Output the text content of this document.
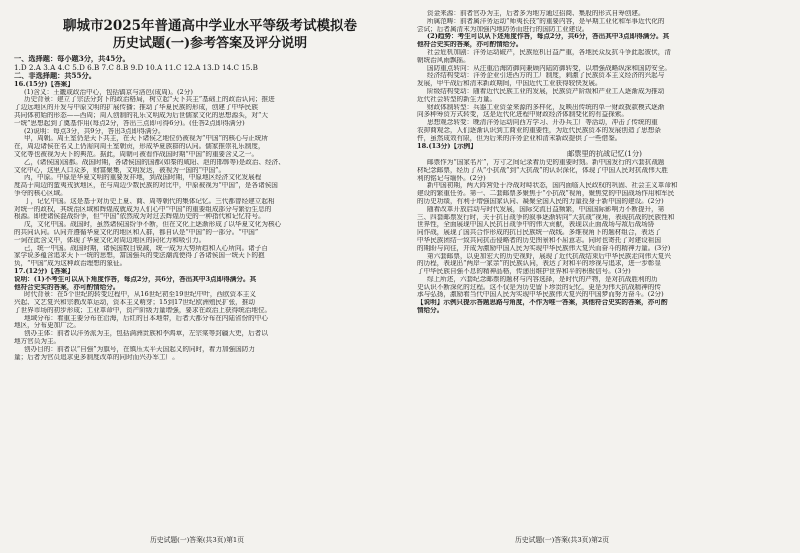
聊城市2025年普通高中学业水平等级考试模拟卷
历史试题(一)参考答案及评分说明

一、选择题：每小题3分，共45分。

1.D 2.A 3.A 4.C 5.D 6.B 7.C 8.B 9.D 10.A 11.C 12.A 13.D 14.C 15.B

二、非选择题：共55分。

16.(15分)【答案】

(1)含义：王畿或政治中心，包括镐京与洛邑(成周)。(2分)

历史背景：建立了宗法分封下的政治格局，树立起“天下共主”基础上的政治认同；推进

了边远地区的开发与中原文明的扩展传播；推动了华夏民族的形成，创建了中华民族

共同体初始的形态——西周；周人创制的礼乐文明成为后世儒家文化的思想源头，对“大

一统”思想起到了奠基作用(每点2分，答出三点即可得6分)。(任答2点即得满分)

(2)说明：每点3分，共9分，答出3点即得满分。

甲，周朝。周王室仍是天下共主，在天下诸侯之地位仍被视为“中国”的核心与正统所

在，周边诸侯在名义上仍需向周王室朝贡，形成华夏族群的认同。儒家推崇礼乐制度，

文化等也被视为天下的典范。据此，周朝可被看作战国时期“中国”的重要含义之一。

乙，(诸侯国)国都。战国时期，各诸侯国的国都(如秦的咸阳、赵的邯郸等)是政治、经济、

文化中心，这里人口众多，财富聚集，文明发达，被视为一国的“中国”。

丙，中原。中原是华夏文明的重要发祥地，到战国时期，中原地区经济文化发展程

度高于周边的蛮夷戎狄地区，在与周边少数民族的对比中，中原被视为“中国”，是各诸侯国

争夺的核心区域。

丁，记忆中国。这是基于对历史上夏、商、周等朝代的集体记忆。三代都曾经建立起相

对统一的政权，其统治区域和辉煌成就成为人们心中“中国”的重要组成部分与繁衍生息的

根源。即使诸侯混战纷争，但“中国”依然成为对过去辉煌历史的一种指代和记忆符号。

戊，文化中国。战国时，虽然诸侯国纷争不断，但在文化上逐渐形成了以华夏文化为核心

的共同认同。认同并遵循华夏文化的地区和人群，都自认是“中国”的一部分。“中国”

一词在此含义中，体现了华夏文化对周边地区的同化力和吸引力。

己，统一中国。战国时期，诸侯国数目锐减，统一成为大势所趋和人心所向。诸子百

家学说多蕴含追求天下一统的思想，富国强兵的变法潮流使得了各诸侯国一统天下的抱

负，“中国”成为这种政治理想的象征。

17.(12分)【答案】

说明：(1)不考生可以从下角度作答，每点2分，共6分，答出其中3点即得满分。其

他符合史实的答案，亦可酌情给分。

时代背景：在5个世纪的转变过程中，从16世纪初至19世纪中叶，西欧资本主义

兴起、文艺复兴和宗教改革运动，资本主义萌芽；15到17世纪欧洲殖民扩张，推动

了世界市场的初步形成；工业革命中，资产阶级力量增强，要求在政治上获得统治地位。

地域分布：着重主要分布在沿海，后红的日本地带，后者大都分布在内陆省份的中心

地区，分布更加广泛。

创办主体：前者以洋务派为主，包括满洲贵族和李鸿章，左宗棠等封疆大吏，后者以

地方官员为主。

创办目的：前者以“自强”为旗号，在镇压太平天国起义的同时，着力加强国防力

量；后者为官员追求更多制度改革的同时而兴办军工厂。

资金来源：前者官办为主，后者多为地方通过招商、集股的形式自筹创建。

所属范畴：前者属洋务运动“师夷长技”的重要内容，是早期工业化和军事近代化的

尝试；后者属清末为加强内地防务而进行的国防工业建设。

(2)趋势：考生可以从下述角度作答，每点2分，共6分，答出其中3点即得满分。其

他符合史实的答案，亦可酌情给分。

社会危机加剧：洋务运动破产，民族危机日益严重，各地民众反抗斗争此起彼伏，清

朝统治风雨飘摇。

国防重点转向：从注重沿海防御向兼顾内陆防御转变，以增强战略纵深和国防安全。

经济结构变动：洋务企业引进西方的工厂制度，刺激了民族资本主义经济的兴起与

发展，甲午战后和清末新政期间，中国近代工业获得较快发展。

阶级结构变动：随着近代民族工业的发展，民族资产阶级和产业工人逐渐成为推动

近代社会转型的新生力量。

财政体制转型：兵器工业资金来源的多样化，反映出传统的单一财政拨款模式逐渐

向多种筹资方式转变，这是近代化进程中财政经济体制变化的有益探索。

思想观念转变：晚清洋务运动向西方学习、开办兵工厂等活动，冲击了传统的重

农抑商观念，人们逐渐认识到工商业的重要性，为近代民族资本的发展创造了思想条

件，虽然成效有限，但为后来的洋务企业和清末新政提供了一些借鉴。

18.(13分)【示例】

邮票里的抗战记忆(1分)

邮票作为“国家名片”，方寸之间记录着历史的重要时刻。新中国发行的六套抗战题

材纪念邮票，经历了从“小抗战”到“大抗战”的认识深化，体现了中国人民对抗战伟大胜

利的铭记与缅怀。(2分)

新中国初期，两大阵营处于冷战对峙状态，国内面临人民政权的巩固、社会主义革命和

建设的繁重任务。第一、二套邮票多聚焦于“小抗战”视角，聚焦党的中国战场作用和军民

的历史功绩，有利于增强国家认同、凝聚全国人民的力量投身于新中国的建设。(2分)

随着改革开放启动与时代发展，国际交流日益频繁，中国国际影响力不断提升，第

三、四套邮票发行时，关于抗日战争的叙事逐渐转向“大抗战”视角，表现抗战的民族性和

世界性，全面展现中国人民抗日战争中的伟大贡献，表现以正面战场与敌后战场协

同作战，展现了国共合作形成的抗日民族统一战线。多维视角下的题材组合，表达了

中华民族团结一致共同抗击侵略者的历史图景和不屈意志。同时也寄托了对建设祖国

的期盼与向往，并成为激励中国人民为实现中华民族伟大复兴而奋斗的精神力量。(3分)

第六套邮票，以更加宏大的历史视野，展现了近代抗战结束后中华民族走向伟大复兴

的历程，表现出“两岸一家亲”的民族认同，表达了对和平的珍视与追求，进一步彰显

了中华民族自强不息的精神品格，传递出维护世界和平的积极信号。(3分)

综上所述，六套纪念邮票的题材与内容选择，是时代的产物，是对抗战胜利的历

史认识不断深化的过程。这不仅是为历史留下珍贵的记忆，更是为伟大抗战精神的传

承与弘扬，激励着当代中国人民为实现中华民族伟大复兴的中国梦而努力奋斗。(2分)

【说明】示例只提示答题思路与角度，不作为唯一答案，其他符合史实的答案，亦可酌

情给分。

历史试题(一)答案(共3页)第1页	历史试题(一)答案(共3页)第2页
